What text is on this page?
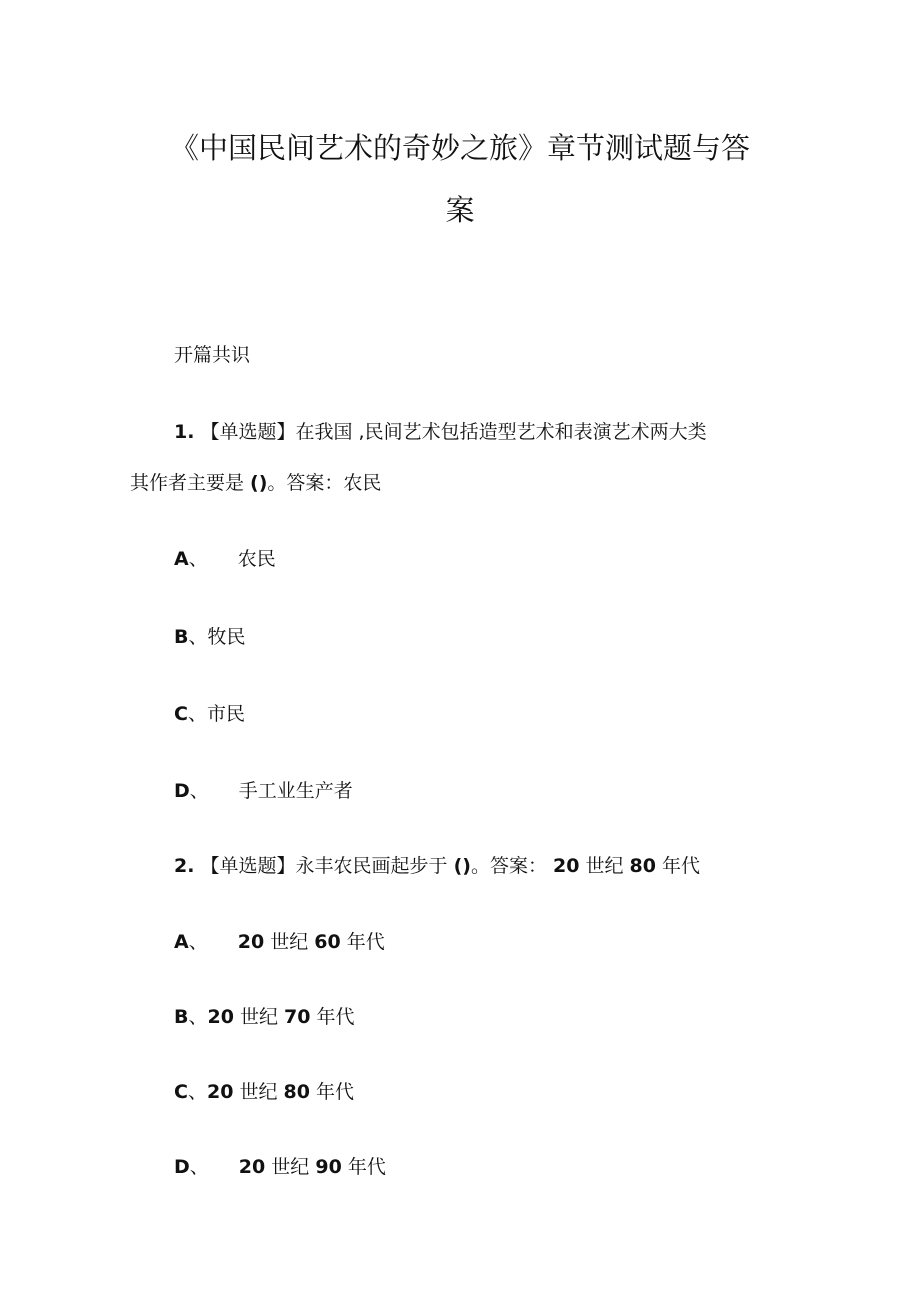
《中国民间艺术的奇妙之旅》章节测试题与答
案
开篇共识
1. 【单选题】在我国 ,民间艺术包括造型艺术和表演艺术两大类
其作者主要是 ()。答案：农民
A、 农民
B、牧民
C、市民
D、 手工业生产者
2. 【单选题】永丰农民画起步于 ()。答案： 20 世纪 80 年代
A、 20 世纪 60 年代
B、20 世纪 70 年代
C、20 世纪 80 年代
D、 20 世纪 90 年代
